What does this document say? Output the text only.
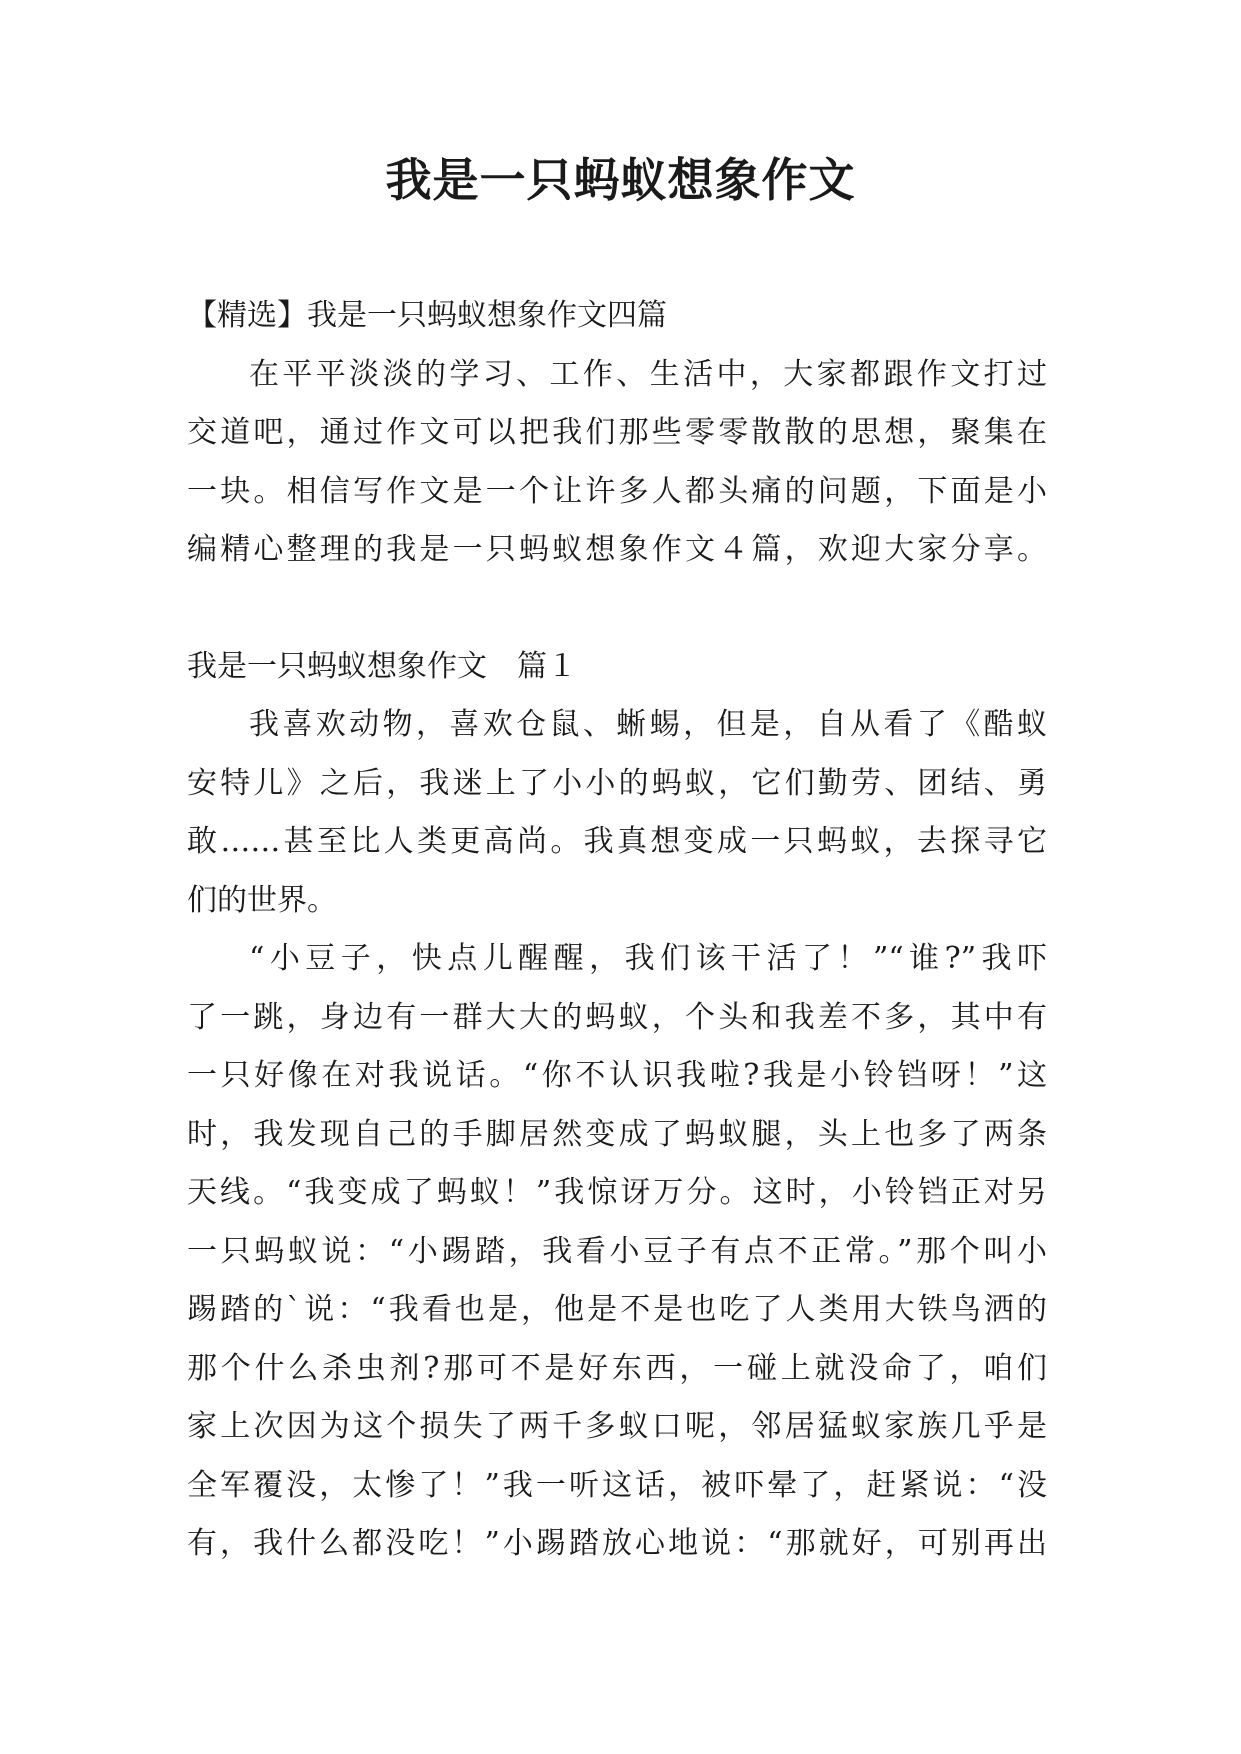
我是一只蚂蚁想象作文
【精选】我是一只蚂蚁想象作文四篇
在平平淡淡的学习、工作、生活中，大家都跟作文打过
交道吧，通过作文可以把我们那些零零散散的思想，聚集在
一块。相信写作文是一个让许多人都头痛的问题，下面是小
编精心整理的我是一只蚂蚁想象作文４篇，欢迎大家分享。
我是一只蚂蚁想象作文　篇１
我喜欢动物，喜欢仓鼠、蜥蜴，但是，自从看了《酷蚁
安特儿》之后，我迷上了小小的蚂蚁，它们勤劳、团结、勇
敢……甚至比人类更高尚。我真想变成一只蚂蚁，去探寻它
们的世界。
“小豆子，快点儿醒醒，我们该干活了！”“谁?”我吓
了一跳，身边有一群大大的蚂蚁，个头和我差不多，其中有
一只好像在对我说话。“你不认识我啦?我是小铃铛呀！”这
时，我发现自己的手脚居然变成了蚂蚁腿，头上也多了两条
天线。“我变成了蚂蚁！”我惊讶万分。这时，小铃铛正对另
一只蚂蚁说：“小踢踏，我看小豆子有点不正常。”那个叫小
踢踏的`说：“我看也是，他是不是也吃了人类用大铁鸟洒的
那个什么杀虫剂?那可不是好东西，一碰上就没命了，咱们
家上次因为这个损失了两千多蚁口呢，邻居猛蚁家族几乎是
全军覆没，太惨了！”我一听这话，被吓晕了，赶紧说：“没
有，我什么都没吃！”小踢踏放心地说：“那就好，可别再出
